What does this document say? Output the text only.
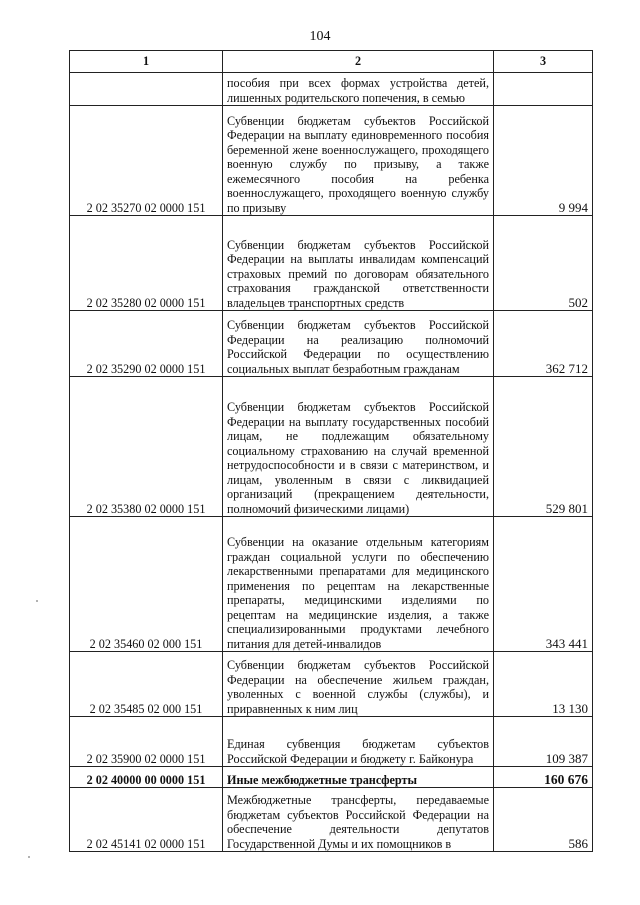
104
1	2	3
	пособия при всех формах устройства детей, лишенных родительского попечения, в семью	
2 02 35270 02 0000 151	Субвенции бюджетам субъектов Российской Федерации на выплату единовременного пособия беременной жене военнослужащего, проходящего военную службу по призыву, а также ежемесячного пособия на ребенка военнослужащего, проходящего военную службу по призыву	9 994
2 02 35280 02 0000 151	Субвенции бюджетам субъектов Российской Федерации на выплаты инвалидам компенсаций страховых премий по договорам обязательного страхования гражданской ответственности владельцев транспортных средств	502
2 02 35290 02 0000 151	Субвенции бюджетам субъектов Российской Федерации на реализацию полномочий Российской Федерации по осуществлению социальных выплат безработным гражданам	362 712
2 02 35380 02 0000 151	Субвенции бюджетам субъектов Российской Федерации на выплату государственных пособий лицам, не подлежащим обязательному социальному страхованию на случай временной нетрудоспособности и в связи с материнством, и лицам, уволенным в связи с ликвидацией организаций (прекращением деятельности, полномочий физическими лицами)	529 801
2 02 35460 02 000 151	Субвенции на оказание отдельным категориям граждан социальной услуги по обеспечению лекарственными препаратами для медицинского применения по рецептам на лекарственные препараты, медицинскими изделиями по рецептам на медицинские изделия, а также специализированными продуктами лечебного питания для детей-инвалидов	343 441
2 02 35485 02 000 151	Субвенции бюджетам субъектов Российской Федерации на обеспечение жильем граждан, уволенных с военной службы (службы), и приравненных к ним лиц	13 130
2 02 35900 02 0000 151	Единая субвенция бюджетам субъектов Российской Федерации и бюджету г. Байконура	109 387
2 02 40000 00 0000 151	Иные межбюджетные трансферты	160 676
2 02 45141 02 0000 151	Межбюджетные трансферты, передаваемые бюджетам субъектов Российской Федерации на обеспечение деятельности депутатов Государственной Думы и их помощников в	586
